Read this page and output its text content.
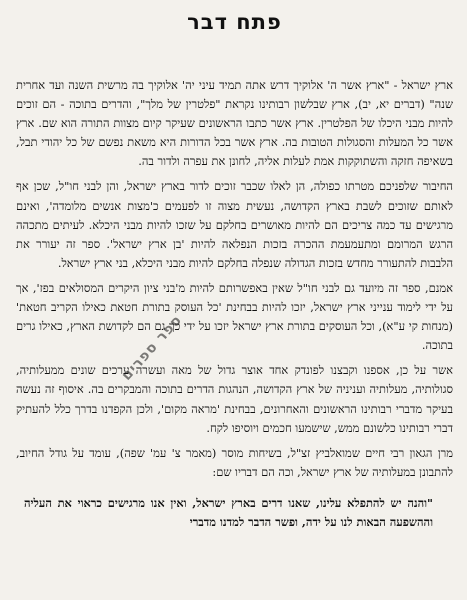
פתח דבר

ארץ ישראל - "ארץ אשר ה' אלוקיך דרש אתה תמיד עיני יה' אלוקיך בה מרשית השנה ועד אחרית שנה" (דברים יא, יב), ארץ שבלשון רבותינו נקראת "פלטרין של מלך", והדרים בתוכה - הם זוכים להיות מבני היכלו של הפלטרין. ארץ אשר כתבו הראשונים שעיקר קיום מצוות התורה הוא שם. ארץ אשר כל המעלות והסגולות הטובות בה. ארץ אשר בכל הדורות היא משאת נפשם של כל יהודי תבל, בשאיפה חזקה והשתוקקות אמת לעלות אליה, לחונן את עפרה ולדור בה.

החיבור שלפניכם מטרתו כפולה, הן לאלו שכבר זוכים לדור בארץ ישראל, והן לבני חו"ל, שכן אף לאותם שזוכים לשבת בארץ הקדושה, נעשית מצוה זו לפעמים כ'מצות אנשים מלומדה', ואינם מרגישים עד כמה צריכים הם להיות מאושרים בחלקם על שזכו להיות מבני היכלא. לעיתים מתכהה הרגש המרומם ומתעמעמת ההכרה בזכות הנפלאה להיות 'בן ארץ ישראל'. ספר זה יעורר את הלבבות להתעורר מחדש בזכות הגדולה שנפלה בחלקם להיות מבני היכלא, בני ארץ ישראל.

אמנם, ספר זה מיועד גם לבני חו"ל שאין באפשרותם להיות מ'בני ציון היקרים המסולאים בפז', אך על ידי לימוד ענייני ארץ ישראל, יזכו להיות בבחינת 'כל העוסק בתורת חטאת כאילו הקריב חטאת' (מנחות קי ע"א), וכל העוסקים בתורת ארץ ישראל יזכו על ידי כך גם הם לקדושת הארץ, כאילו גרים בתוכה.

אשר על כן, אספנו וקבצנו לפונדק אחד אוצר גדול של מאה ועשרה ערכים שונים ממעלותיה, סגולותיה, מעלותיה ועניניה של ארץ הקדושה, הנהגות הדרים בתוכה והמבקרים בה. איסוף זה נעשה בעיקר מדברי רבותינו הראשונים והאחרונים, בבחינת 'מראה מקום', ולכן הקפדנו בדרך כלל להעתיק דברי רבותינו כלשונם ממש, שישמעו חכמים ויוסיפו לקח.

מרן הגאון רבי חיים שמואלביץ זצ"ל, בשיחות מוסר (מאמר צ' עמ' שפה), עומד על גודל החיוב, להתבונן במעלותיה של ארץ ישראל, וכה הם דבריו שם:

"והנה יש להתפלא עלינו, שאנו דרים בארץ ישראל, ואין אנו מרגישים כראוי את העליה וההשפעה הבאות לנו על ידה, ופשר הדבר למדנו מדברי

ספר ספרים
